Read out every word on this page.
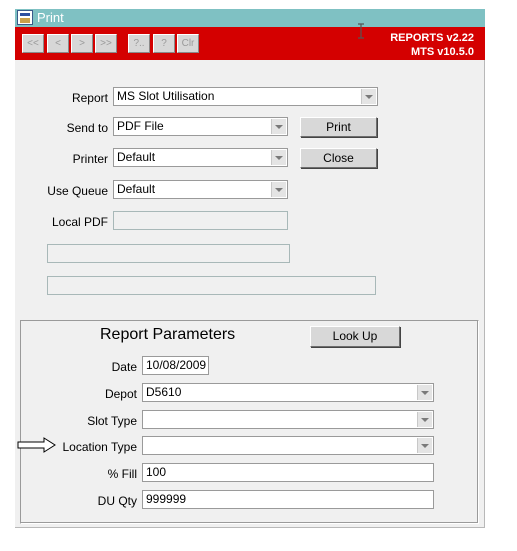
Print
<<	<	>	>>	?..	?	Clr	REPORTS v2.22
MTS v10.5.0
Report MS Slot Utilisation
Send to PDF File	Print
Printer Default	Close
Use Queue Default
Local PDF
Report Parameters	Look Up
Date 10/08/2009
Depot D5610
Slot Type
Location Type
% Fill 100
DU Qty 999999
